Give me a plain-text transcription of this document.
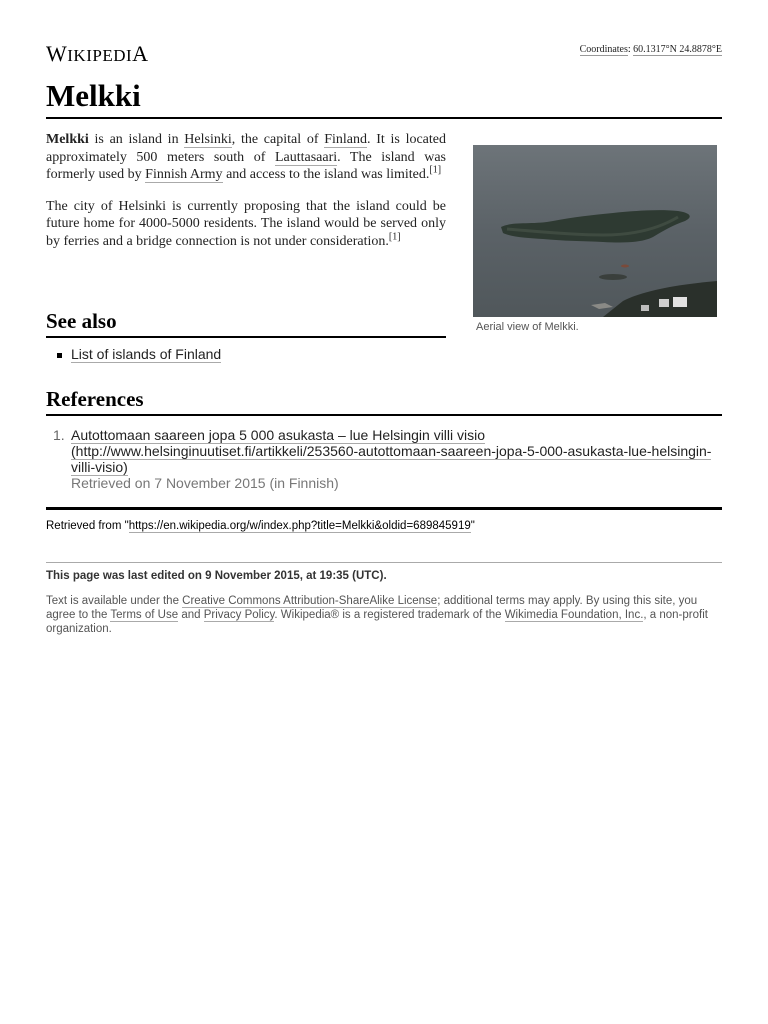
WIKIPEDIA	Coordinates: 60.1317°N 24.8878°E
Melkki

Melkki is an island in Helsinki, the capital of Finland. It is located approximately 500 meters south of Lauttasaari. The island was formerly used by Finnish Army and access to the island was limited.[1]

The city of Helsinki is currently proposing that the island could be future home for 4000-5000 residents. The island would be served only by ferries and a bridge connection is not under consideration.[1]

Aerial view of Melkki.
See also
List of islands of Finland
References
1. Autottomaan saareen jopa 5 000 asukasta – lue Helsingin villi visio (http://www.helsinginuutiset.fi/artikkeli/253560-autottomaan-saareen-jopa-5-000-asukasta-lue-helsingin-villi-visio)
Retrieved on 7 November 2015 (in Finnish)
Retrieved from "https://en.wikipedia.org/w/index.php?title=Melkki&oldid=689845919"
This page was last edited on 9 November 2015, at 19:35 (UTC).
Text is available under the Creative Commons Attribution-ShareAlike License; additional terms may apply. By using this site, you agree to the Terms of Use and Privacy Policy. Wikipedia® is a registered trademark of the Wikimedia Foundation, Inc., a non-profit organization.
